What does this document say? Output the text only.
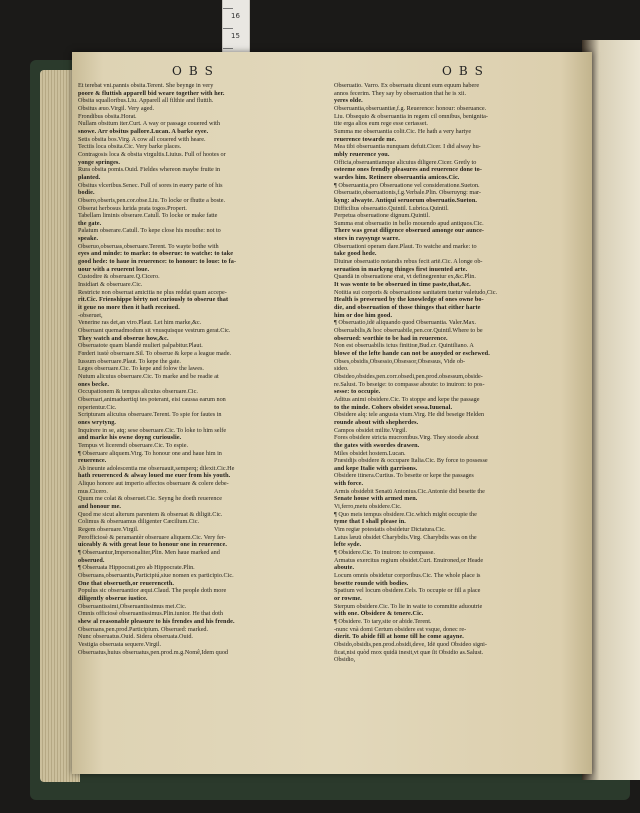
16
15
OBS	OBS
Et terebat vni.pannis obsita.Terent. She beynge in very
poore & fluttish apparell bid weare together with her.
Obsita squalloribus.Liu. Apparell all filthie and fluttih.
Obsitus æuo.Virgil. Very aged.
Frondibus obsita.Horat.
Nullam obsitum iter.Curt. A way or passage couered with
snowe. Arr obsitus pallore.Lucan. A barke eyee.
Setis obsita bos.Virg. A cow all couered with heare.
Tectiis loca obsita.Cic. Very barke places.
Contragosis loca & obsita virgultis.Liuius. Full of hootes or
yonge springes.
Rura obsita pomis.Ouid. Fieldes whereon maybe fruite in
planted.
Obsitus vlceribus.Senec. Full of sores in euery parte of his
bodie.
Obsero,obseris,pen.cor.obse.Liu. To locke or fhutte a boste.
Obserat herbosus lurida prata togos.Propert.
Tabellam liminis obserare.Catull. To locke or make fatte
the gate.
Palatum obserare.Catull. To kepe close his mouthe: not to
speake.
Obseruo,obseruas,obseruare.Terent. To wayte bothe with
eyes and minde: to marke: to obserue: to watche: to take
good hede: to haue in reuerence: to honour: to loue: to fa-
uour with a reuerent loue.
Custodire & obseruare.Q.Cicero.
Insidiari & obseruare.Cic.
Restricte non obseruat amicitia ne plus reddat quam accepe-
rit.Cic. Frienshippe bèrty not curiously to obserue that
it geue no more then it hath receiued.
-obseruet,
Venerine ras det,an viro.Plaut. Let him marke,&c.
Obseruant quemadmodum sit vnusquisque vestrum gerat.Cic.
They watch and obserue how,&c.
Obseruatote quam blandè mulieri palpabitur.Plaut.
Fœderi iustè obseruare.Sil. To obserue & kepe a league made.
Iussum obseruare.Plaut. To kepe the gate.
Leges obseruare.Cic. To kepe and folow the lawes.
Nutum alicuius obseruare.Cic. To marke and be readie at
ones becke.
Occupationem & tempus alicuius obseruare.Cic.
Obseruari,animaduertiqi tes poterant, eisi caussa earum non
reperientur.Cic.
Scripturam alicuius obseruare.Terent. To spie for fautes in
ones wrytyng.
Inquirere in se, atq; sese obseruare.Cic. To loke to him selfe
and marke his owne doyng curiouslie.
Tempus vt licerendi obseruare.Cic. To espie.
¶ Obseruare aliquem.Virg. To honour one and haue him in
reuerence.
Ab ineunte adolescentia me obseruauit,semperq; dilexit.Cic.He
hath reuerenced & alway loued me euer from his youth.
Aliquo honore aut imperio affectos obseruare & colere debe-
mus.Cicero.
Quum me colat & obseruet.Cic. Seyng he doeth reuerence
and honour me.
Quod me sicut alterum parentem & obseruat & diligit.Cic.
Colimus & obseruamus diligenter Cæcilium.Cic.
Regem obseruare.Virgil.
Perofficiosè & peramantèr obseruare aliquem.Cic. Very fer-
uiceably & with great loue to honour one in reuerence.
¶ Obseruantur,Impersonaliter,Plin. Men haue marked and
obserued.
¶ Obseruata Hippocrati,pro ab Hippocrate.Plin.
Obseruans,obseruantis,Participiú,siue nomen ex participio.Cic.
One that obserueth,or reuerenceth.
Populus sic obseruantior æqui.Claud. The people doth more
diligently obserue iustice.
Obseruantissimi,Obseruantissimus mei.Cic.
Omnis officiosè obseruantissimus.Plin.iunior. He that doth
shew al reasonable pleasure to his frendes and his frende.
Obseruans,pen.prod.Participium. Obserued: marked.
Nunc obseruatus.Ouid. Sidera obseruata.Ouid.
Vestigia obseruata sequere.Virgil.
Obseruatus,huius obseruatus,pen.prod.m.g.Nomê,Idem quod
Obseruatio. Varro. Ex obseruatu dicunt eum equum habere
annos fecerim. They say by obseruation that he is xii.
yeres olde.
Obseruantia,obseruantiæ,f.g. Reuerence: honour: obseruance.
Liu. Obsequio & obseruantia in regem cil omnibus, benignita-
tite erga alios eum rege esse certasset.
Summa me obseruantia colit.Cic. He hath a very hartye
reuerence towarde me.
Mea tibi obseruantia nunquam defuit.Cicer. I did alway hu-
mbly reuerence you.
Officia,obseruantiamque alicuius diligere.Cicer. Gretly to
esteeme ones frendly pleasures and reuerence done to-
wardes him. Retinere obseruantia amicos.Cic.
¶ Obseruantia,pro Obseruatione vel consideratione.Sueton.
Obseruatio,obseruationis,f.g.Verbale.Plin. Obseruyng: mar-
kyng: alwayte. Antiqui seruorum obseruatio.Sueton.
Difficilius obseruatio.Quintil. Lubrica.Quintil.
Perpetua obseruatione dignum.Quintil.
Summa erat obseruatio in bello mouendo apud antiquos.Cic.
There was great diligence obserued amonge our aunce-
stors in raysynge warre.
Obseruationi operam dare.Plaut. To watche and marke: to
take good hede.
Diuinæ obseruatio notandis rebus fecit artē.Cic. A longe ob-
seruation in markyng thinges first inuented arte.
Quandā in obseruatione erat, vt definegrentur ex,&c.Plin.
It was wonte to be obserued in time paste,that,&c.
Notitia sui corporis & obseruatione sanitatem tuetur valetudo,Cic.
Health is preserued by the knowledge of ones owne bo-
die, and obseruation of those thinges that either harte
him or doe him good.
¶ Obseruatio,idē aliquando quod Obseruantia. Valer.Max.
Obseruabilis,& hoc obseruabile,pen.cor.Quintil.Where to be
obserued: worthie to be had in reuerence.
Non est obseruabilis ictus finitiræ,Bud.cr. Quintiliano. A
blowe of the lefte hande can not be auoyded or eschewed.
Obses,obsidis,Obsessio,Obsessor,Obsessus, Vide ob-
sideo.
Obsideo,obsides,pen.corr.obsedi,pen.prod.obsessum,obside-
re.Salust. To beseige: to compasse aboute: to inuiron: to pos-
sesse: to occupie.
Aditus animi obsidere.Cic. To stoppe and kepe the passage
to the minde. Cohors obsidet sessa.Iuuenal.
Obsidere alq: tele angusta vium.Virg. He did beseige Helden
rounde about with shepherdes.
Campos obsidet milite.Virgil.
Fores obsidere stricta mucronibus.Virg. They stoode about
the gates with swordes drawen.
Miles obsidet hostem.Lucan.
Præsidijs obsidere & occupare Italia.Cic. By force to possesse
and kepe Italie with garrisons.
Obsidere itinera.Curtius. To besette or kepe the passages
with force.
Armis obsidebit Senatū Antonius.Cic.Antonie did besette the
Senate house with armed men.
Vi,ferro,metu obsidere.Cic.
¶ Quo meis tempus obsidere.Cic.which might occupie the
tyme that I shall please in.
Vim regiæ potestatis obsidetur Dictatura.Cic.
Latus læuū obsidet Charybdis.Virg. Charybdis was on the
lefte syde.
¶ Obsidere.Cic. To inuiron: to compasse.
Armatus exercitus regium obsidet.Curt. Enuironed,or Heade
aboute.
Locum omnis obsidetur corporibus.Cic. The whole place is
besette rounde with bodies.
Spatium vel locum obsidere.Cels. To occupie or fill a place
or rowme.
Sterpum obsidere.Cic. To lie in waite to committe aduoutrie
with one. Obsidere & tenere.Cic.
¶ Obsidere. To tary,site or abide.Terent.
-nunc vnà domi Certum obsidere est vsque, donec re-
dierit. To abide fill at home till he come agayne.
Obsido,obsidis,pen.prod.obsidi,deve, Idē quod Obsideo signi-
ficat,nisi quòd mox quidā inesit,vt quæ ſit Obsidio as.Salust.
Obsidio,
